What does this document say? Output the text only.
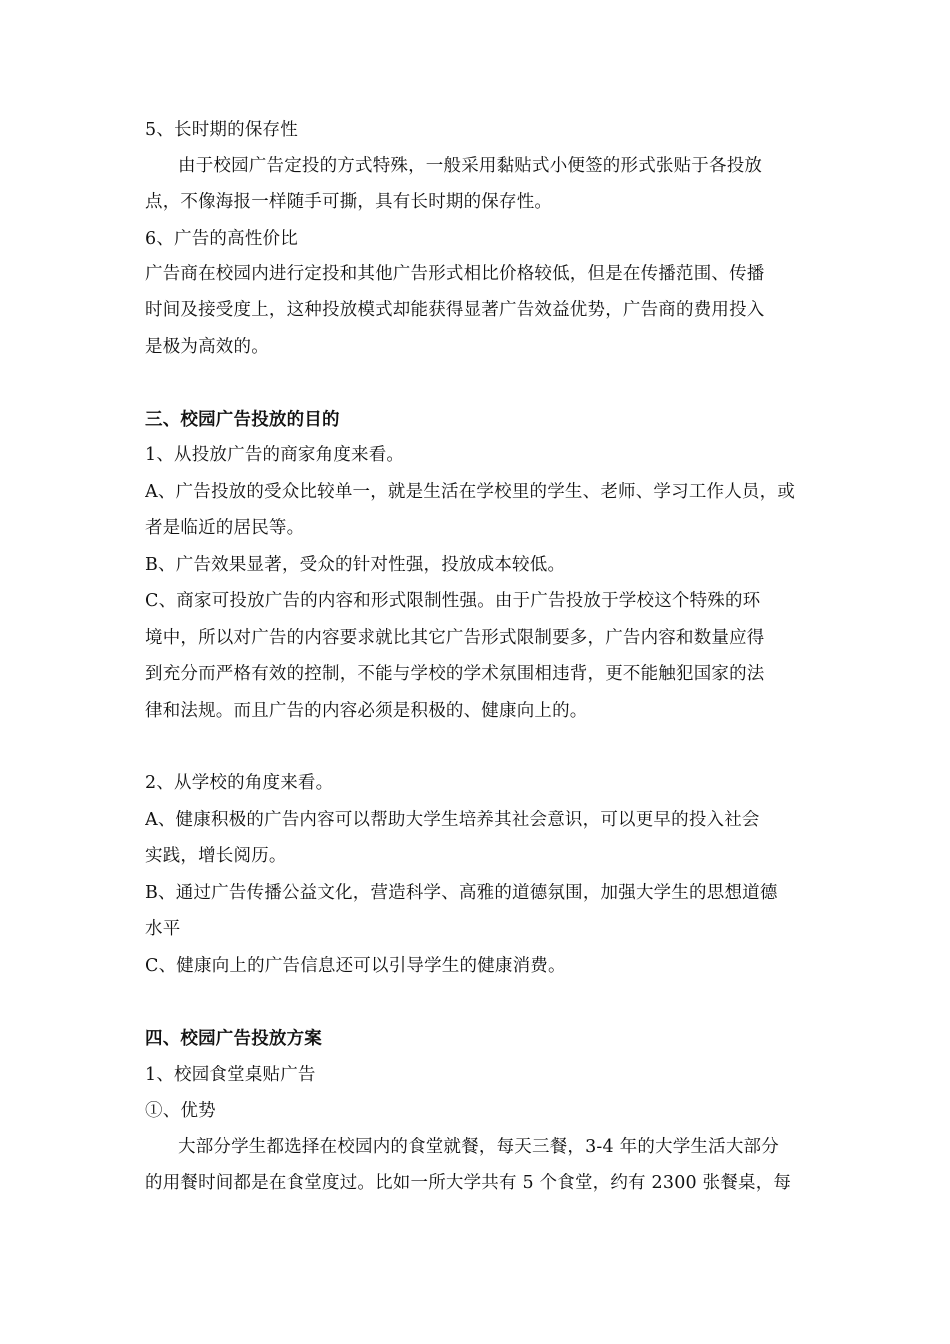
5、长时期的保存性
由于校园广告定投的方式特殊，一般采用黏贴式小便签的形式张贴于各投放
点，不像海报一样随手可撕，具有长时期的保存性。
6、广告的高性价比
广告商在校园内进行定投和其他广告形式相比价格较低，但是在传播范围、传播
时间及接受度上，这种投放模式却能获得显著广告效益优势，广告商的费用投入
是极为高效的。
三、校园广告投放的目的
1、从投放广告的商家角度来看。
A、广告投放的受众比较单一，就是生活在学校里的学生、老师、学习工作人员，或
者是临近的居民等。
B、广告效果显著，受众的针对性强，投放成本较低。
C、商家可投放广告的内容和形式限制性强。由于广告投放于学校这个特殊的环
境中，所以对广告的内容要求就比其它广告形式限制要多，广告内容和数量应得
到充分而严格有效的控制，不能与学校的学术氛围相违背，更不能触犯国家的法
律和法规。而且广告的内容必须是积极的、健康向上的。
2、从学校的角度来看。
A、健康积极的广告内容可以帮助大学生培养其社会意识，可以更早的投入社会
实践，增长阅历。
B、通过广告传播公益文化，营造科学、高雅的道德氛围，加强大学生的思想道德
水平
C、健康向上的广告信息还可以引导学生的健康消费。
四、校园广告投放方案
1、校园食堂桌贴广告
①、优势
大部分学生都选择在校园内的食堂就餐，每天三餐，3-4 年的大学生活大部分
的用餐时间都是在食堂度过。比如一所大学共有 5 个食堂，约有 2300 张餐桌，每
